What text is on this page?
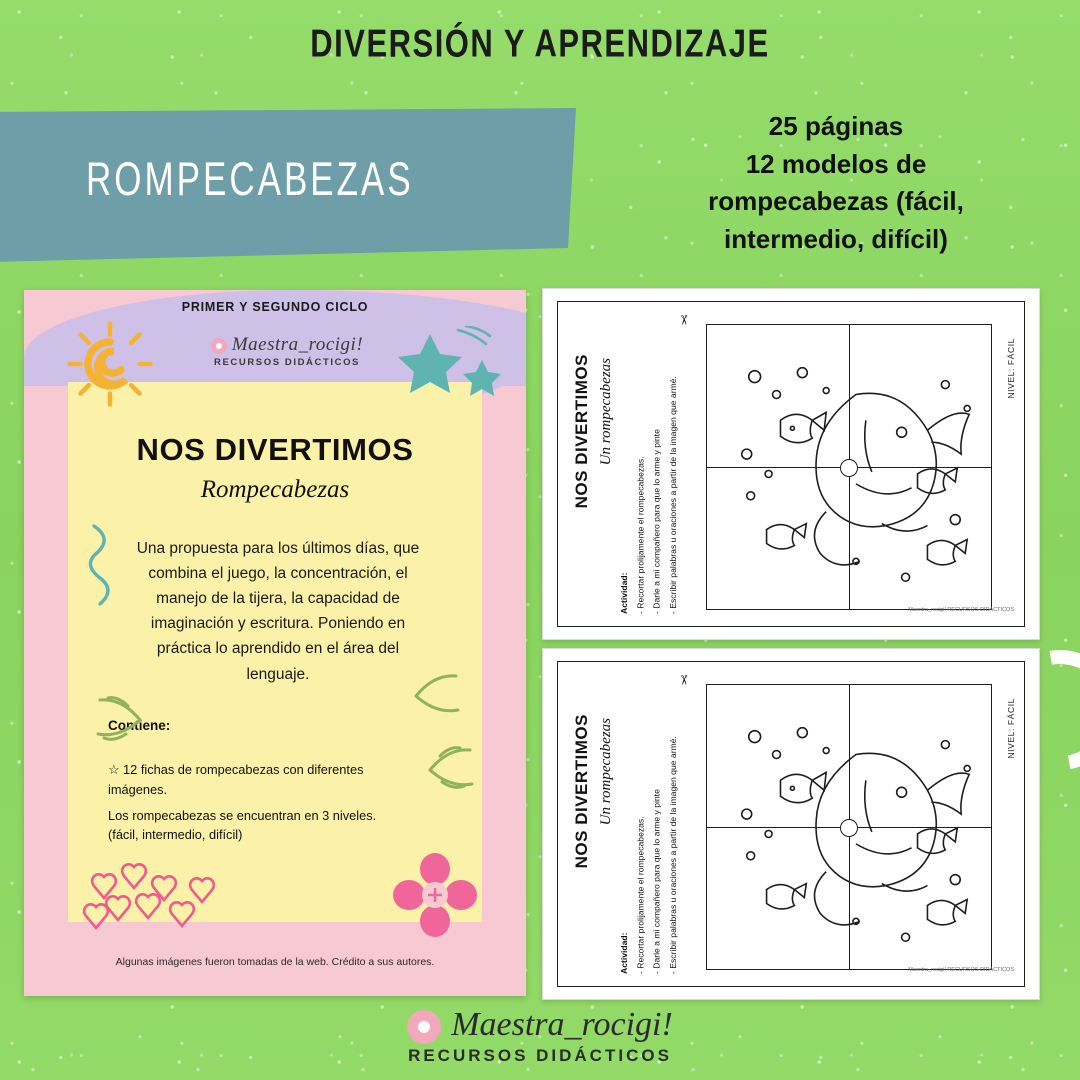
DIVERSIÓN Y APRENDIZAJE
ROMPECABEZAS
25 páginas
12 modelos de
rompecabezas (fácil,
intermedio, difícil)
PRIMER Y SEGUNDO CICLO
Maestra_rocigi!
RECURSOS DIDÁCTICOS
NOS DIVERTIMOS
Rompecabezas
Una propuesta para los últimos días, que combina el juego, la concentración, el manejo de la tijera, la capacidad de imaginación y escritura. Poniendo en práctica lo aprendido en el área del lenguaje.
Contiene:
☆ 12 fichas de rompecabezas con diferentes imágenes.
Los rompecabezas se encuentran en 3 niveles. (fácil, intermedio, difícil)
Algunas imágenes fueron tomadas de la web. Crédito a sus autores.
NOS DIVERTIMOS Un rompecabezas	NIVEL: FÁCIL
✂
Actividad: - Recortar prolijamente el rompecabezas. - Darle a mi compañero para que lo arme y pinte - Escribir palabras u oraciones a partir de la imagen que armé.	Maestra_rocigi! RECURSOS DIDÁCTICOS
NOS DIVERTIMOS Un rompecabezas	NIVEL: FÁCIL
✂
Actividad: - Recortar prolijamente el rompecabezas. - Darle a mi compañero para que lo arme y pinte - Escribir palabras u oraciones a partir de la imagen que armé.	Maestra_rocigi! RECURSOS DIDÁCTICOS
Maestra_rocigi!
RECURSOS DIDÁCTICOS
